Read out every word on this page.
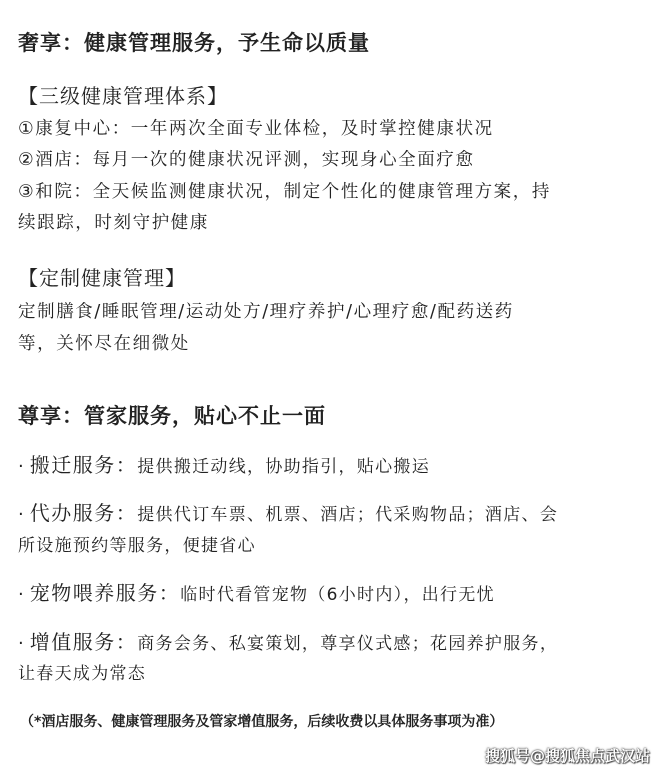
奢享：健康管理服务，予生命以质量
【三级健康管理体系】
①康复中心：一年两次全面专业体检，及时掌控健康状况
②酒店：每月一次的健康状况评测，实现身心全面疗愈
③和院：全天候监测健康状况，制定个性化的健康管理方案，持
续跟踪，时刻守护健康
【定制健康管理】
定制膳食/睡眠管理/运动处方/理疗养护/心理疗愈/配药送药
等，关怀尽在细微处
尊享：管家服务，贴心不止一面
· 搬迁服务：提供搬迁动线，协助指引，贴心搬运
· 代办服务：提供代订车票、机票、酒店；代采购物品；酒店、会
所设施预约等服务，便捷省心
· 宠物喂养服务：临时代看管宠物（6小时内），出行无忧
· 增值服务：商务会务、私宴策划，尊享仪式感；花园养护服务，
让春天成为常态
（*酒店服务、健康管理服务及管家增值服务，后续收费以具体服务事项为准）
搜狐号@搜狐焦点武汉站
